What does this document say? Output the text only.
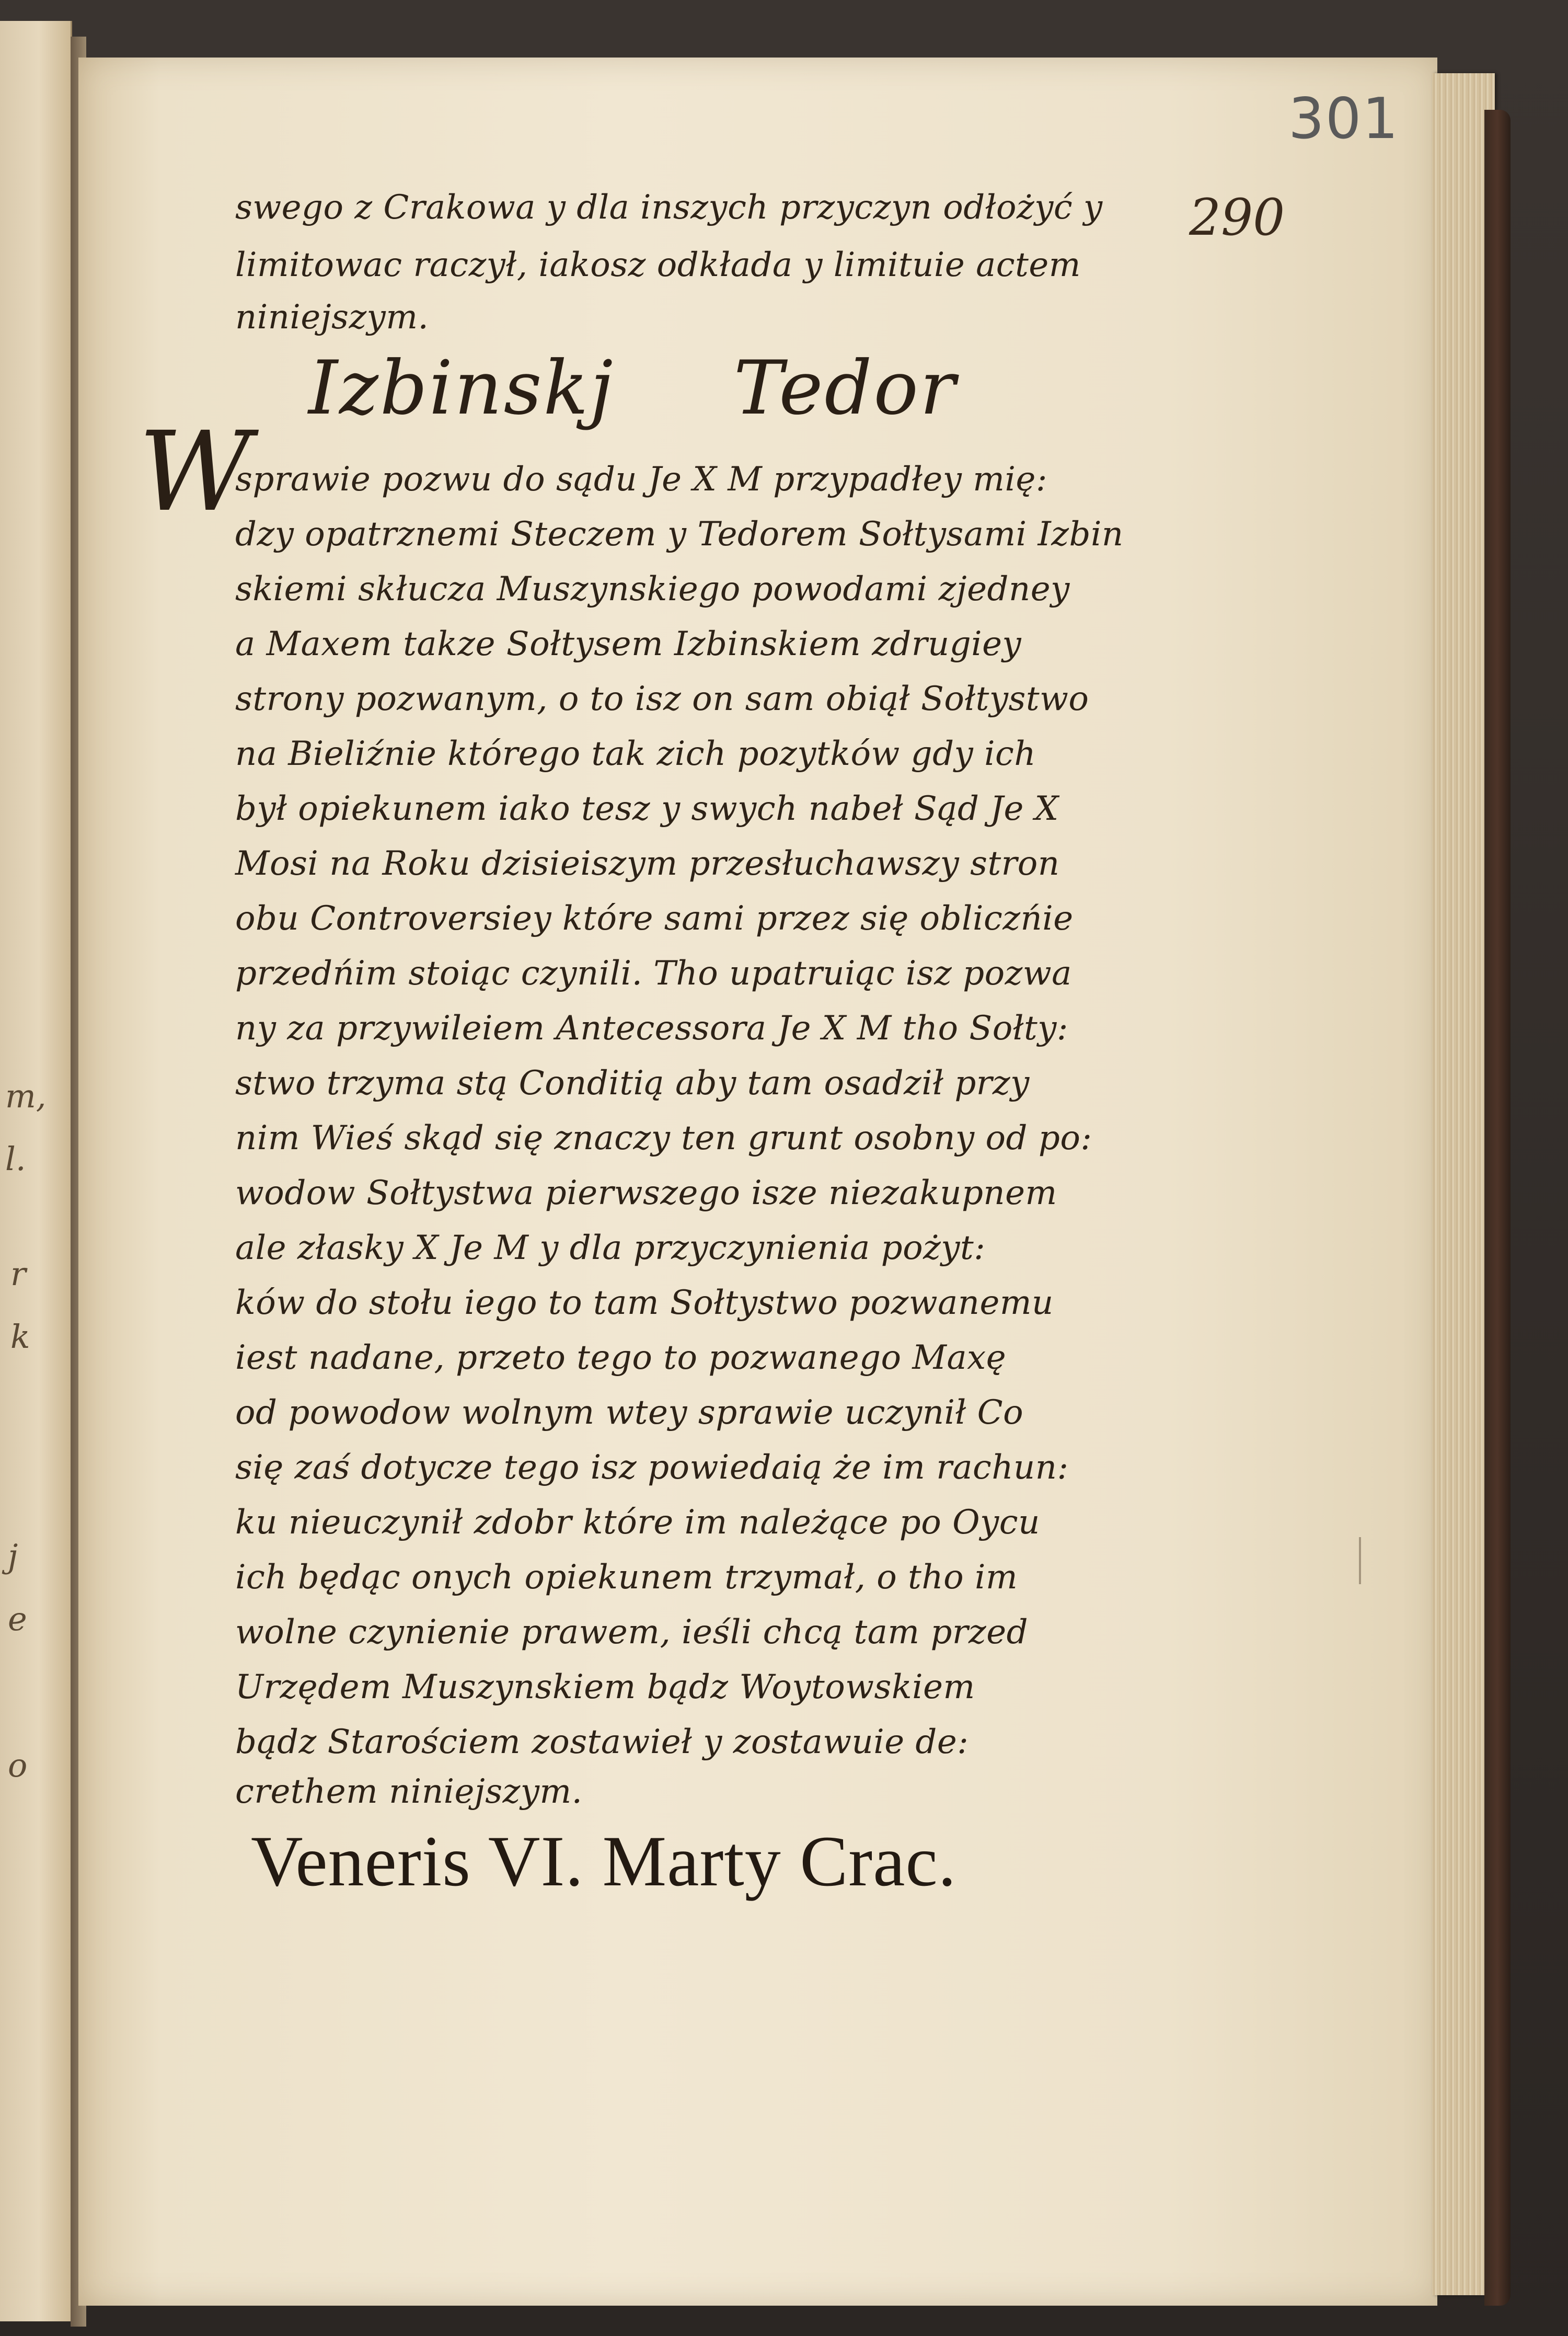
m,
l.
r
k
j
e
o
301
290
swego z Crakowa y dla inszych przyczyn odłożyć y
limitowac raczył, iakosz odkłada y limituie actem
niniejszym.
Izbinskj Tedor
W
sprawie pozwu do sądu Je X M przypadłey mię:
dzy opatrznemi Steczem y Tedorem Sołtysami Izbin
skiemi skłucza Muszynskiego powodami zjedney
a Maxem takze Sołtysem Izbinskiem zdrugiey
strony pozwanym, o to isz on sam obiął Sołtystwo
na Bieliźnie którego tak zich pozytków gdy ich
był opiekunem iako tesz y swych nabeł Sąd Je X
Mosi na Roku dzisieiszym przesłuchawszy stron
obu Controversiey które sami przez się obliczńie
przedńim stoiąc czynili. Tho upatruiąc isz pozwa
ny za przywileiem Antecessora Je X M tho Sołty:
stwo trzyma stą Conditią aby tam osadził przy
nim Wieś skąd się znaczy ten grunt osobny od po:
wodow Sołtystwa pierwszego isze niezakupnem
ale złasky X Je M y dla przyczynienia pożyt:
ków do stołu iego to tam Sołtystwo pozwanemu
iest nadane, przeto tego to pozwanego Maxę
od powodow wolnym wtey sprawie uczynił Co
się zaś dotycze tego isz powiedaią że im rachun:
ku nieuczynił zdobr które im należące po Oycu
ich będąc onych opiekunem trzymał, o tho im
wolne czynienie prawem, ieśli chcą tam przed
Urzędem Muszynskiem bądz Woytowskiem
bądz Starościem zostawieł y zostawuie de:
crethem niniejszym.
Veneris VI. Marty Crac.
